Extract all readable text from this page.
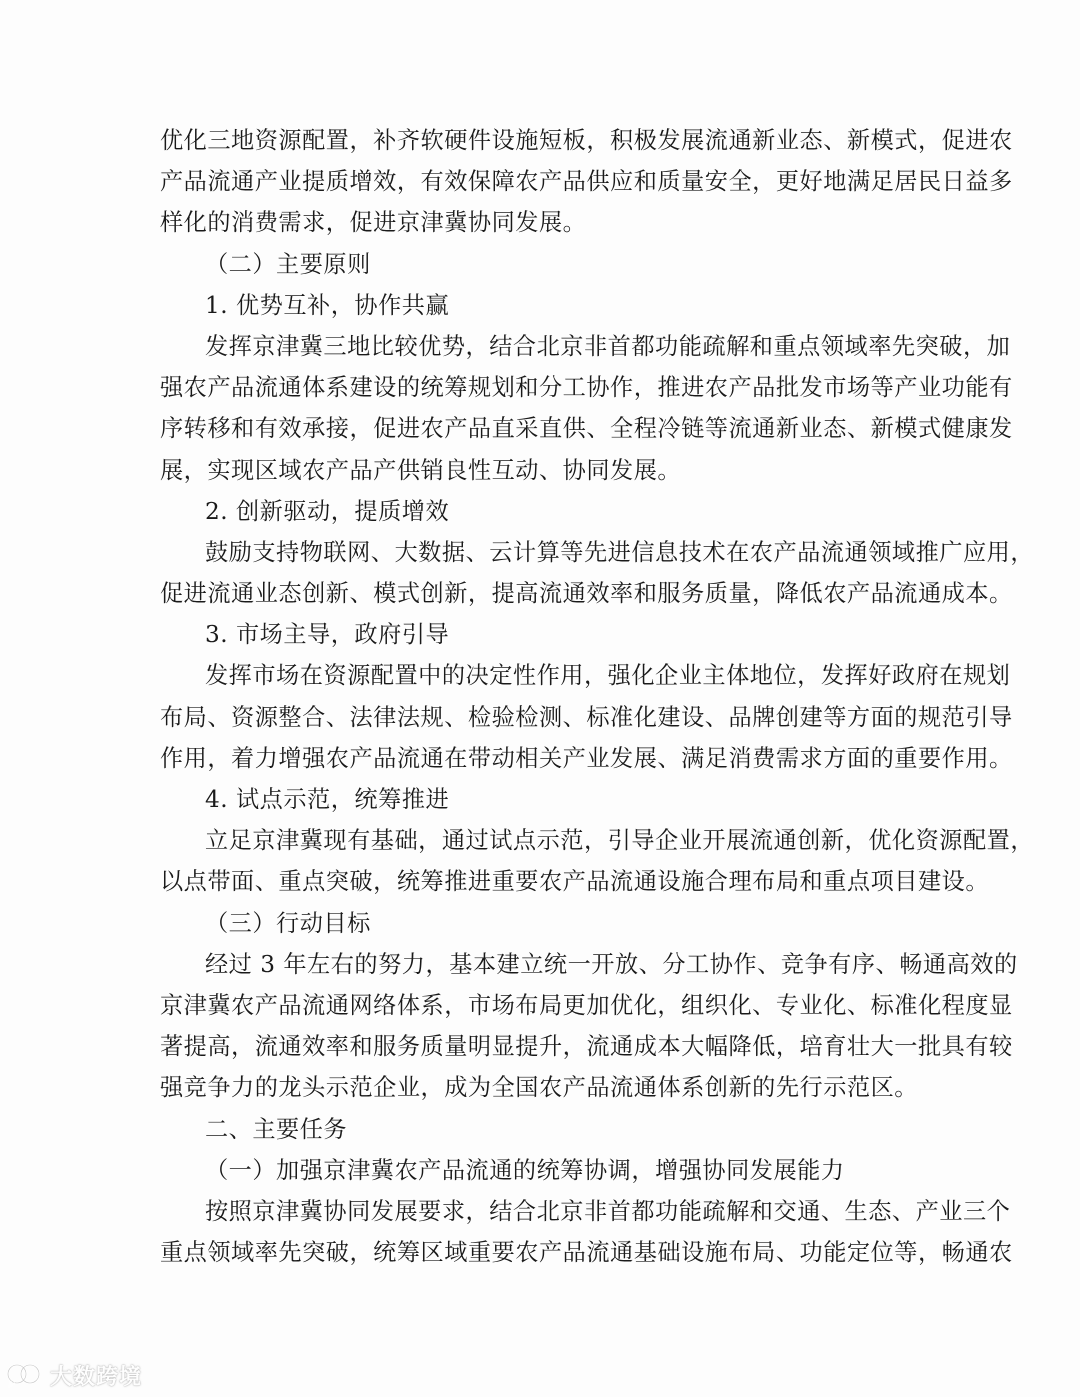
优化三地资源配置，补齐软硬件设施短板，积极发展流通新业态、新模式，促进农
产品流通产业提质增效，有效保障农产品供应和质量安全，更好地满足居民日益多
样化的消费需求，促进京津冀协同发展。
（二）主要原则
1. 优势互补，协作共赢
发挥京津冀三地比较优势，结合北京非首都功能疏解和重点领域率先突破，加
强农产品流通体系建设的统筹规划和分工协作，推进农产品批发市场等产业功能有
序转移和有效承接，促进农产品直采直供、全程冷链等流通新业态、新模式健康发
展，实现区域农产品产供销良性互动、协同发展。
2. 创新驱动，提质增效
鼓励支持物联网、大数据、云计算等先进信息技术在农产品流通领域推广应用，
促进流通业态创新、模式创新，提高流通效率和服务质量，降低农产品流通成本。
3. 市场主导，政府引导
发挥市场在资源配置中的决定性作用，强化企业主体地位，发挥好政府在规划
布局、资源整合、法律法规、检验检测、标准化建设、品牌创建等方面的规范引导
作用，着力增强农产品流通在带动相关产业发展、满足消费需求方面的重要作用。
4. 试点示范，统筹推进
立足京津冀现有基础，通过试点示范，引导企业开展流通创新，优化资源配置，
以点带面、重点突破，统筹推进重要农产品流通设施合理布局和重点项目建设。
（三）行动目标
经过 3 年左右的努力，基本建立统一开放、分工协作、竞争有序、畅通高效的
京津冀农产品流通网络体系，市场布局更加优化，组织化、专业化、标准化程度显
著提高，流通效率和服务质量明显提升，流通成本大幅降低，培育壮大一批具有较
强竞争力的龙头示范企业，成为全国农产品流通体系创新的先行示范区。
二、主要任务
（一）加强京津冀农产品流通的统筹协调，增强协同发展能力
按照京津冀协同发展要求，结合北京非首都功能疏解和交通、生态、产业三个
重点领域率先突破，统筹区域重要农产品流通基础设施布局、功能定位等，畅通农
大数跨境
